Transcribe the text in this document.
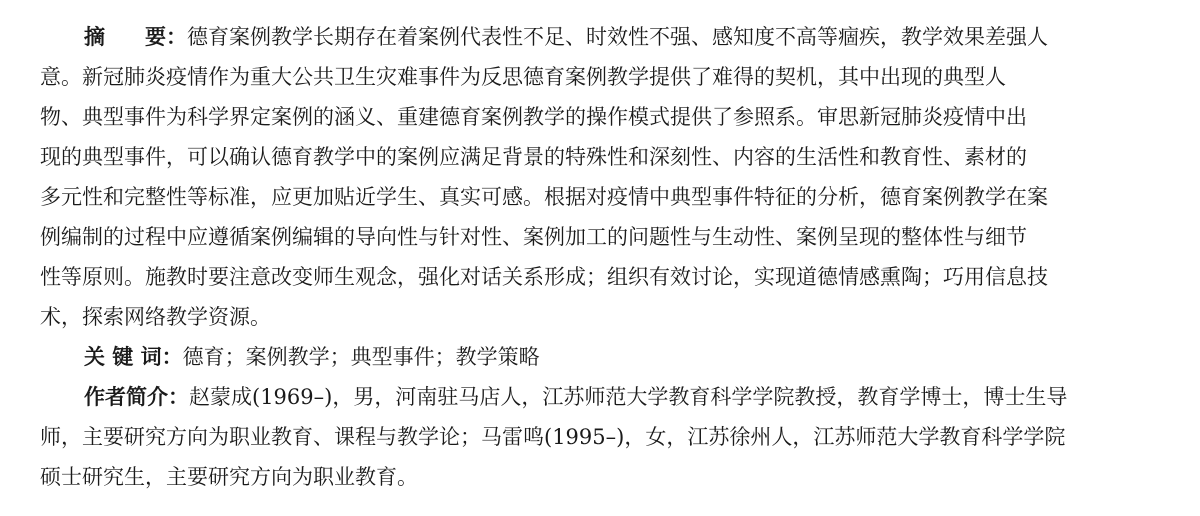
摘 要：德育案例教学长期存在着案例代表性不足、时效性不强、感知度不高等痼疾，教学效果差强人
意。新冠肺炎疫情作为重大公共卫生灾难事件为反思德育案例教学提供了难得的契机，其中出现的典型人
物、典型事件为科学界定案例的涵义、重建德育案例教学的操作模式提供了参照系。审思新冠肺炎疫情中出
现的典型事件，可以确认德育教学中的案例应满足背景的特殊性和深刻性、内容的生活性和教育性、素材的
多元性和完整性等标准，应更加贴近学生、真实可感。根据对疫情中典型事件特征的分析，德育案例教学在案
例编制的过程中应遵循案例编辑的导向性与针对性、案例加工的问题性与生动性、案例呈现的整体性与细节
性等原则。施教时要注意改变师生观念，强化对话关系形成；组织有效讨论，实现道德情感熏陶；巧用信息技
术，探索网络教学资源。
关 键 词：德育；案例教学；典型事件；教学策略
作者简介：赵蒙成(1969–)，男，河南驻马店人，江苏师范大学教育科学学院教授，教育学博士，博士生导
师，主要研究方向为职业教育、课程与教学论；马雷鸣(1995–)，女，江苏徐州人，江苏师范大学教育科学学院
硕士研究生，主要研究方向为职业教育。
